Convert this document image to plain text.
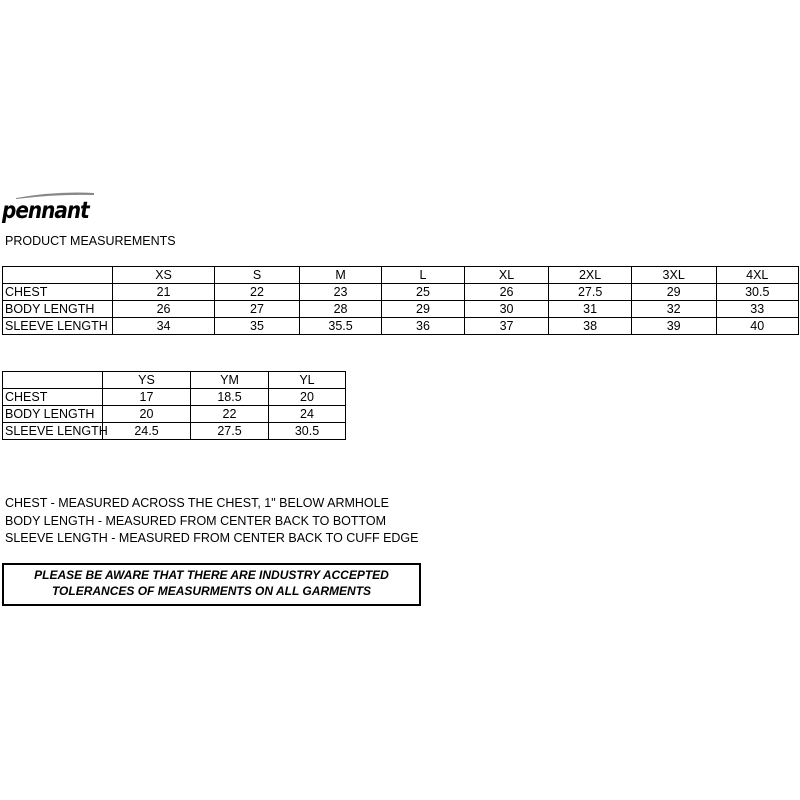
pennant
PRODUCT MEASUREMENTS
	XS	S	M	L	XL	2XL	3XL	4XL
CHEST	21	22	23	25	26	27.5	29	30.5
BODY LENGTH	26	27	28	29	30	31	32	33
SLEEVE LENGTH	34	35	35.5	36	37	38	39	40
	YS	YM	YL
CHEST	17	18.5	20
BODY LENGTH	20	22	24
SLEEVE LENGTH	24.5	27.5	30.5
CHEST - MEASURED ACROSS THE CHEST, 1" BELOW ARMHOLE
BODY LENGTH - MEASURED FROM CENTER BACK TO BOTTOM
SLEEVE LENGTH - MEASURED FROM CENTER BACK TO CUFF EDGE
PLEASE BE AWARE THAT THERE ARE INDUSTRY ACCEPTED
TOLERANCES OF MEASURMENTS ON ALL GARMENTS
